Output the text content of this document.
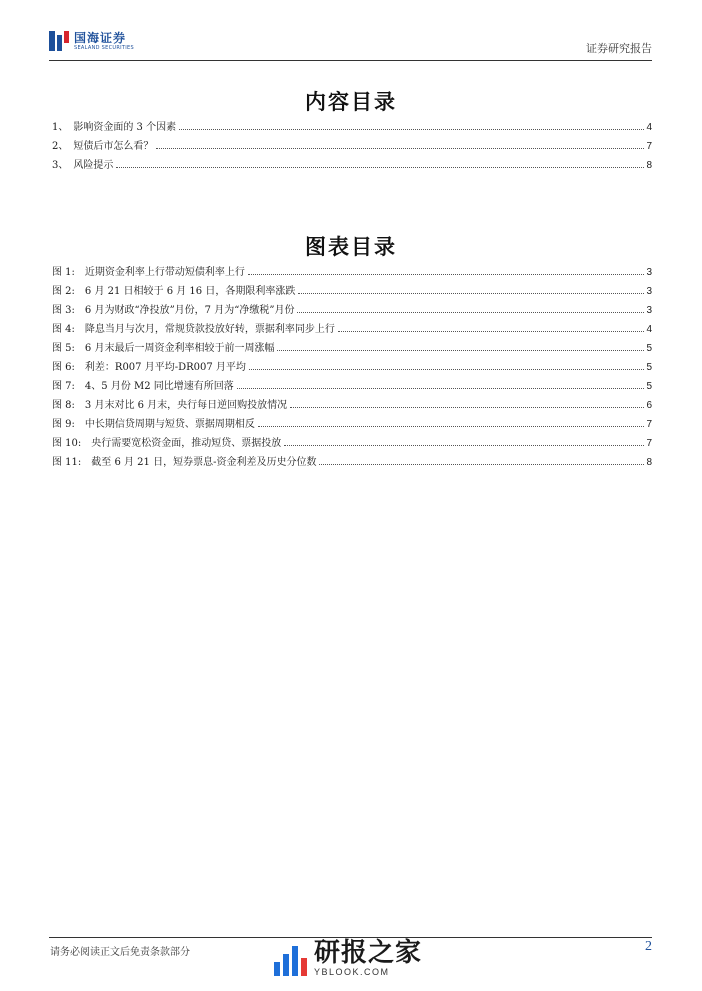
国海证券
SEALAND SECURITIES	证券研究报告
内容目录
1、　影响资金面的 3 个因素	4
2、　短债后市怎么看？	7
3、　风险提示	8
图表目录
图 1:　近期资金利率上行带动短债利率上行	3
图 2:　6 月 21 日相较于 6 月 16 日，各期限利率涨跌	3
图 3:　6 月为财政“净投放”月份，7 月为“净缴税”月份	3
图 4:　降息当月与次月，常规贷款投放好转，票据利率同步上行	4
图 5:　6 月末最后一周资金利率相较于前一周涨幅	5
图 6:　利差：R007 月平均-DR007 月平均	5
图 7:　4、5 月份 M2 同比增速有所回落	5
图 8:　3 月末对比 6 月末，央行每日逆回购投放情况	6
图 9:　中长期信贷周期与短贷、票据周期相反	7
图 10:　央行需要宽松资金面，推动短贷、票据投放	7
图 11:　截至 6 月 21 日，短券票息-资金利差及历史分位数	8
请务必阅读正文后免责条款部分	2
研报之家
YBLOOK.COM
